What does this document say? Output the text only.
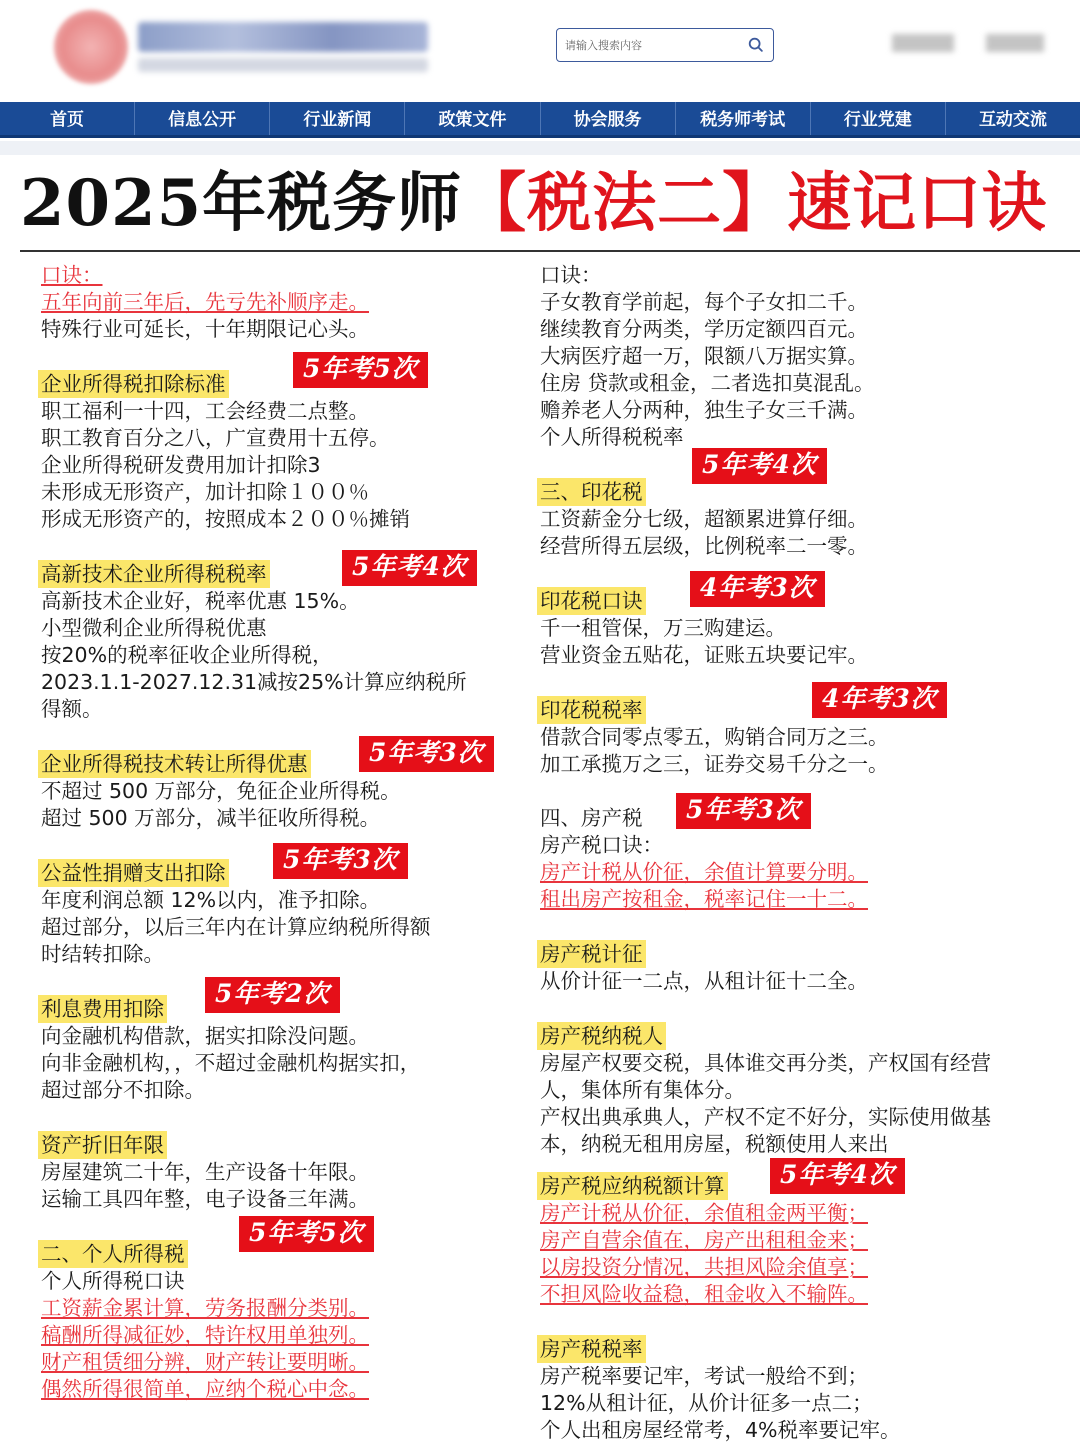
请输入搜索内容
首页	信息公开	行业新闻	政策文件	协会服务	税务师考试	行业党建	互动交流
2025年税务师【税法二】速记口诀
口诀：
五年向前三年后，先亏先补顺序走。
特殊行业可延长，十年期限记心头。
企业所得税扣除标准
5年考5次
职工福利一十四，工会经费二点整。
职工教育百分之八，广宣费用十五停。
企业所得税研发费用加计扣除3
未形成无形资产，加计扣除１００％
形成无形资产的，按照成本２００％摊销
高新技术企业所得税税率	5年考4次
高新技术企业好，税率优惠 15%。
小型微利企业所得税优惠
按20%的税率征收企业所得税，
2023.1.1-2027.12.31减按25%计算应纳税所
得额。
企业所得税技术转让所得优惠	5年考3次
不超过 500 万部分，免征企业所得税。
超过 500 万部分，减半征收所得税。
公益性捐赠支出扣除	5年考3次
年度利润总额 12%以内，准予扣除。
超过部分，以后三年内在计算应纳税所得额
时结转扣除。
利息费用扣除
5年考2次
向金融机构借款，据实扣除没问题。
向非金融机构，，不超过金融机构据实扣，
超过部分不扣除。
资产折旧年限
房屋建筑二十年，生产设备十年限。
运输工具四年整，电子设备三年满。
二、个人所得税
5年考5次
个人所得税口诀
工资薪金累计算，劳务报酬分类别。
稿酬所得减征妙，特许权用单独列。
财产租赁细分辨，财产转让要明晰。
偶然所得很简单，应纳个税心中念。
口诀：
子女教育学前起，每个子女扣二千。
继续教育分两类，学历定额四百元。
大病医疗超一万，限额八万据实算。
住房 贷款或租金，二者选扣莫混乱。
赡养老人分两种，独生子女三千满。
个人所得税税率
三、印花税
5年考4次
工资薪金分七级，超额累进算仔细。
经营所得五层级，比例税率二一零。
印花税口诀	4年考3次
千一租管保，万三购建运。
营业资金五贴花，证账五块要记牢。
印花税税率	4年考3次
借款合同零点零五，购销合同万之三。
加工承揽万之三，证券交易千分之一。
四、房产税	5年考3次
房产税口诀：
房产计税从价征，余值计算要分明。
租出房产按租金，税率记住一十二。
房产税计征
从价计征一二点，从租计征十二全。
房产税纳税人
房屋产权要交税，具体谁交再分类，产权国有经营
人，集体所有集体分。
产权出典承典人，产权不定不好分，实际使用做基
本，纳税无租用房屋，税额使用人来出
房产税应纳税额计算	5年考4次
房产计税从价征，余值租金两平衡；
房产自营余值在，房产出租租金来；
以房投资分情况，共担风险余值享；
不担风险收益稳，租金收入不输阵。
房产税税率
房产税率要记牢，考试一般给不到；
12%从租计征，从价计征多一点二；
个人出租房屋经常考，4%税率要记牢。
